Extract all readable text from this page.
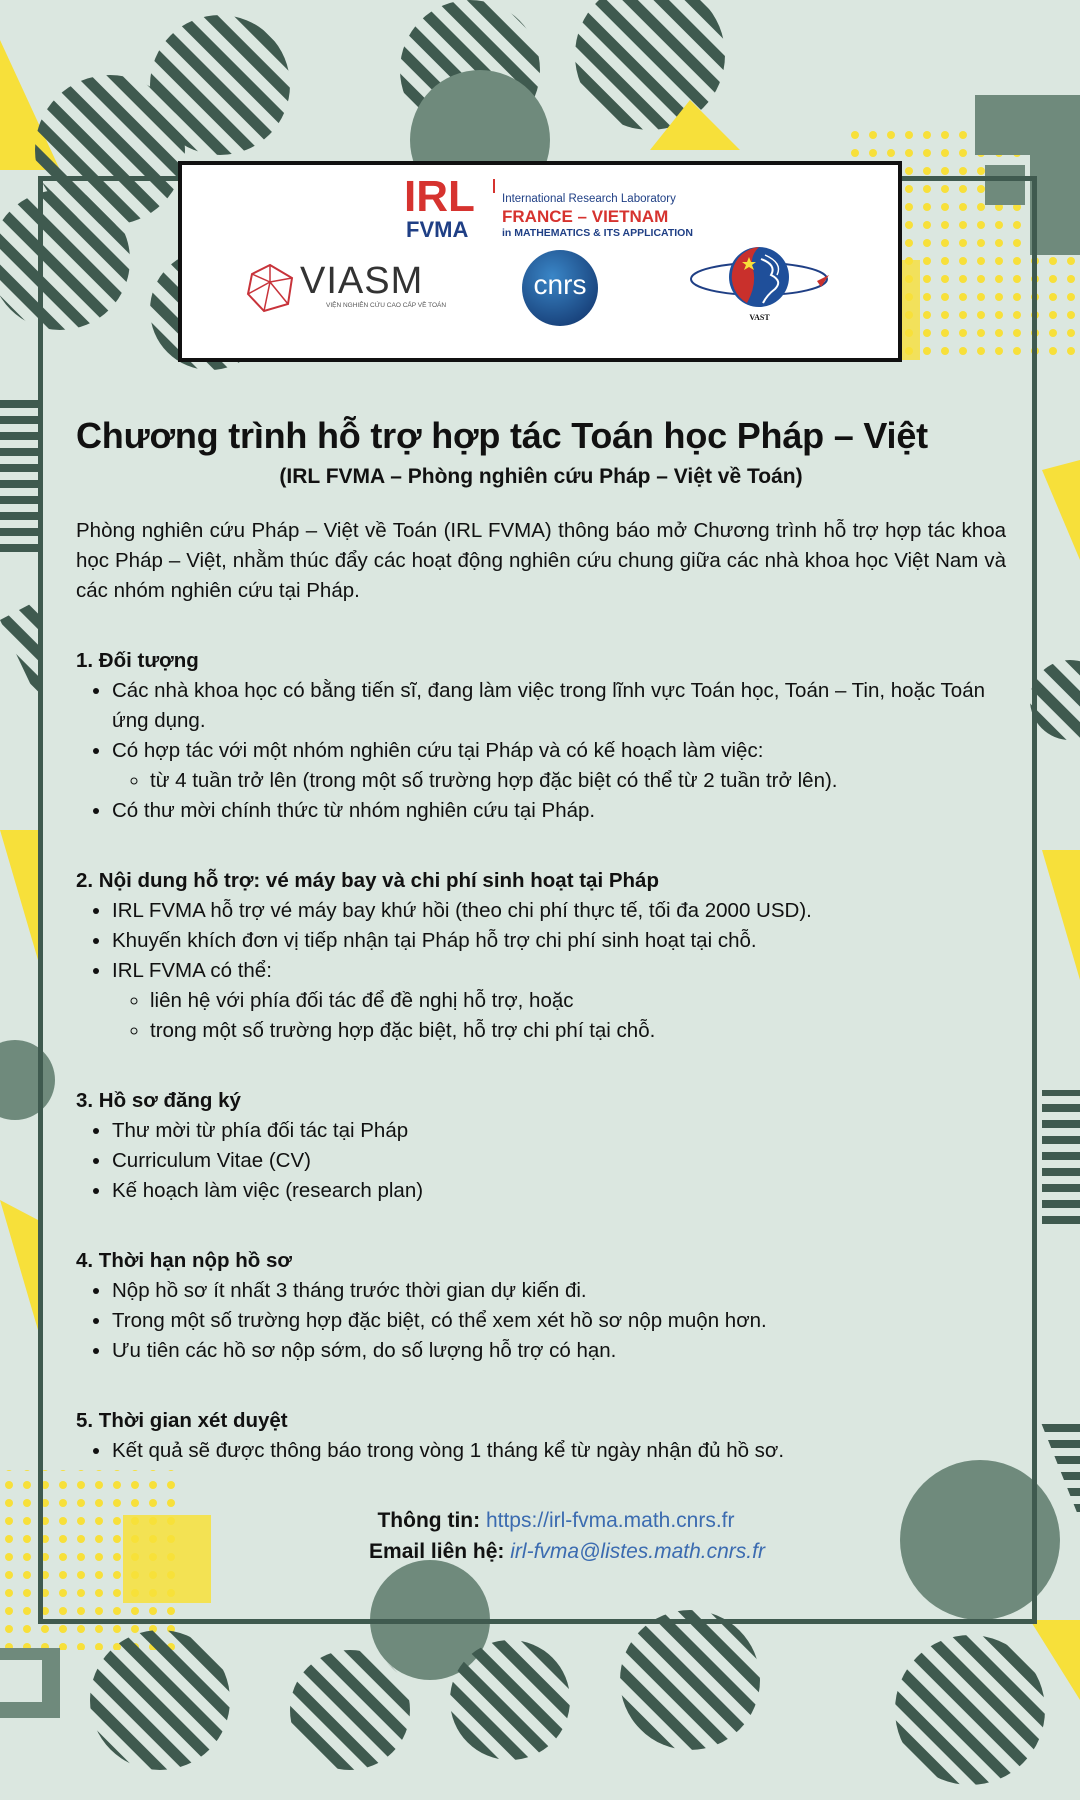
IRL
FVMA
International Research Laboratory
FRANCE – VIETNAM
in MATHEMATICS & ITS APPLICATION
VIASM
VIỆN NGHIÊN CỨU CAO CẤP VỀ TOÁN
cnrs
VAST
Chương trình hỗ trợ hợp tác Toán học Pháp – Việt
(IRL FVMA – Phòng nghiên cứu Pháp – Việt về Toán)
Phòng nghiên cứu Pháp – Việt về Toán (IRL FVMA) thông báo mở Chương trình hỗ trợ hợp tác khoa học Pháp – Việt, nhằm thúc đẩy các hoạt động nghiên cứu chung giữa các nhà khoa học Việt Nam và các nhóm nghiên cứu tại Pháp.
1. Đối tượng
• Các nhà khoa học có bằng tiến sĩ, đang làm việc trong lĩnh vực Toán học, Toán – Tin, hoặc Toán ứng dụng.
• Có hợp tác với một nhóm nghiên cứu tại Pháp và có kế hoạch làm việc:
◦ từ 4 tuần trở lên (trong một số trường hợp đặc biệt có thể từ 2 tuần trở lên).
• Có thư mời chính thức từ nhóm nghiên cứu tại Pháp.
2. Nội dung hỗ trợ: vé máy bay và chi phí sinh hoạt tại Pháp
• IRL FVMA hỗ trợ vé máy bay khứ hồi (theo chi phí thực tế, tối đa 2000 USD).
• Khuyến khích đơn vị tiếp nhận tại Pháp hỗ trợ chi phí sinh hoạt tại chỗ.
• IRL FVMA có thể:
◦ liên hệ với phía đối tác để đề nghị hỗ trợ, hoặc
◦ trong một số trường hợp đặc biệt, hỗ trợ chi phí tại chỗ.
3. Hồ sơ đăng ký
• Thư mời từ phía đối tác tại Pháp
• Curriculum Vitae (CV)
• Kế hoạch làm việc (research plan)
4. Thời hạn nộp hồ sơ
• Nộp hồ sơ ít nhất 3 tháng trước thời gian dự kiến đi.
• Trong một số trường hợp đặc biệt, có thể xem xét hồ sơ nộp muộn hơn.
• Ưu tiên các hồ sơ nộp sớm, do số lượng hỗ trợ có hạn.
5. Thời gian xét duyệt
• Kết quả sẽ được thông báo trong vòng 1 tháng kể từ ngày nhận đủ hồ sơ.
Thông tin: https://irl-fvma.math.cnrs.fr
Email liên hệ: irl-fvma@listes.math.cnrs.fr
